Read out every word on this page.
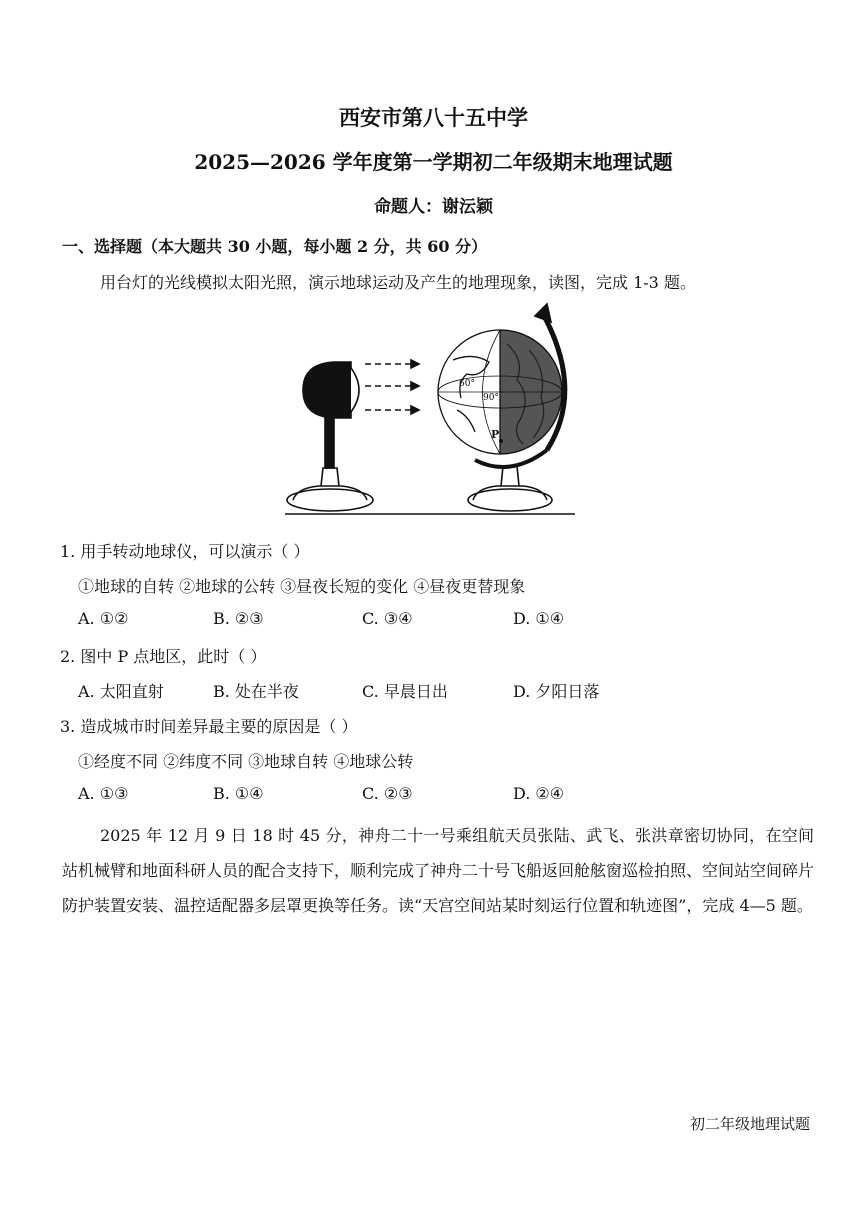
西安市第八十五中学
2025—2026 学年度第一学期初二年级期末地理试题
命题人：谢沄颖
一、选择题（本大题共 30 小题，每小题 2 分，共 60 分）
用台灯的光线模拟太阳光照，演示地球运动及产生的地理现象，读图，完成 1-3 题。
60°
90°
P
1. 用手转动地球仪，可以演示（ ）
①地球的自转 ②地球的公转 ③昼夜长短的变化 ④昼夜更替现象
A. ①②	B. ②③	C. ③④	D. ①④
2. 图中 P 点地区，此时（ ）
A. 太阳直射	B. 处在半夜	C. 早晨日出	D. 夕阳日落
3. 造成城市时间差异最主要的原因是（ ）
①经度不同 ②纬度不同 ③地球自转 ④地球公转
A. ①③	B. ①④	C. ②③	D. ②④
2025 年 12 月 9 日 18 时 45 分，神舟二十一号乘组航天员张陆、武飞、张洪章密切协同，在空间站机械臂和地面科研人员的配合支持下，顺利完成了神舟二十号飞船返回舱舷窗巡检拍照、空间站空间碎片防护装置安装、温控适配器多层罩更换等任务。读“天宫空间站某时刻运行位置和轨迹图”，完成 4—5 题。
初二年级地理试题
